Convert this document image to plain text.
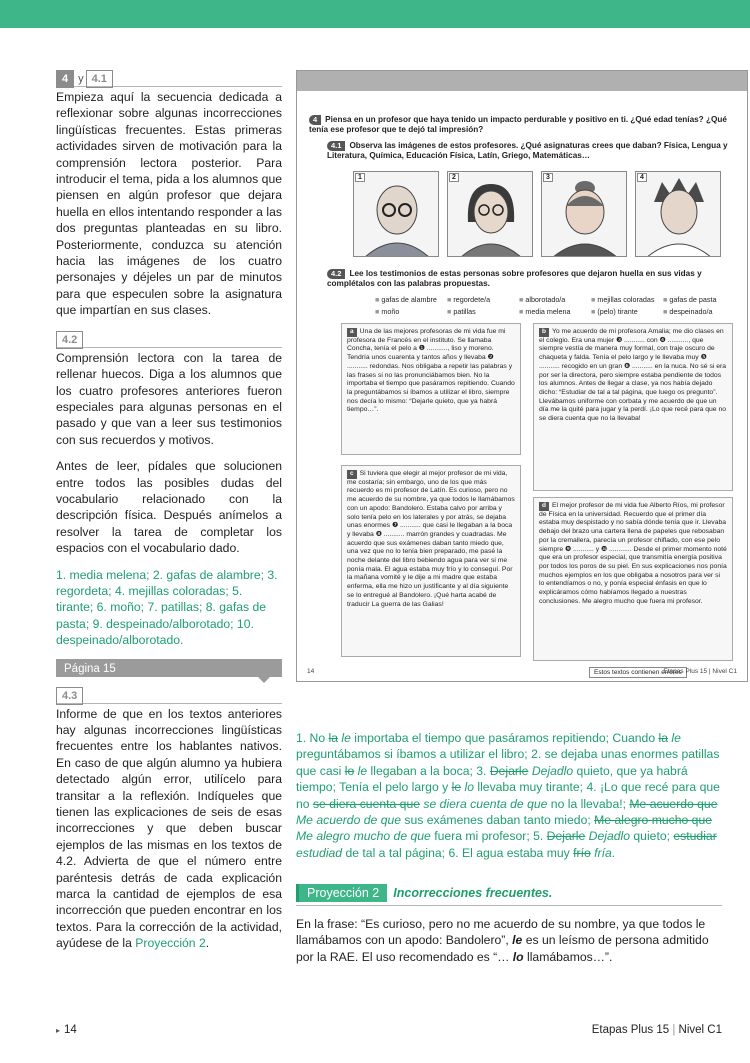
4 y 4.1

Empieza aquí la secuencia dedicada a reflexionar sobre algunas incorrecciones lingüísticas frecuentes. Estas primeras actividades sirven de motivación para la comprensión lectora posterior. Para introducir el tema, pida a los alumnos que piensen en algún profesor que dejara huella en ellos intentando responder a las dos preguntas planteadas en su libro. Posteriormente, conduzca su atención hacia las imágenes de los cuatro personajes y déjeles un par de minutos para que especulen sobre la asignatura que impartían en sus clases.

4.2

Comprensión lectora con la tarea de rellenar huecos. Diga a los alumnos que los cuatro profesores anteriores fueron especiales para algunas personas en el pasado y que van a leer sus testimonios con sus recuerdos y motivos.

Antes de leer, pídales que solucionen entre todos las posibles dudas del vocabulario relacionado con la descripción física. Después anímelos a resolver la tarea de completar los espacios con el vocabulario dado.

1. media melena; 2. gafas de alambre; 3. regordeta; 4. mejillas coloradas; 5. tirante; 6. moño; 7. patillas; 8. gafas de pasta; 9. despeinado/alborotado; 10. despeinado/alborotado.

Página 15
4.3

Informe de que en los textos anteriores hay algunas incorrecciones lingüísticas frecuentes entre los hablantes nativos. En caso de que algún alumno ya hubiera detectado algún error, utilícelo para transitar a la reflexión. Indíqueles que tienen las explicaciones de seis de esas incorrecciones y que deben buscar ejemplos de las mismas en los textos de 4.2. Advierta de que el número entre paréntesis detrás de cada explicación marca la cantidad de ejemplos de esa incorrección que pueden encontrar en los textos. Para la corrección de la actividad, ayúdese de la Proyección 2.

4 Piensa en un profesor que haya tenido un impacto perdurable y positivo en ti. ¿Qué edad tenías? ¿Qué tenía ese profesor que te dejó tal impresión?
4.1 Observa las imágenes de estos profesores. ¿Qué asignaturas crees que daban? Física, Lengua y Literatura, Química, Educación Física, Latín, Griego, Matemáticas…
1	2	3	4
4.2 Lee los testimonios de estas personas sobre profesores que dejaron huella en sus vidas y complétalos con las palabras propuestas.
■ gafas de alambre	■ regordete/a	■ alborotado/a	■ mejillas coloradas	■ gafas de pasta
■ moño	■ patillas	■ media melena	■ (pelo) tirante	■ despeinado/a
a Una de las mejores profesoras de mi vida fue mi profesora de Francés en el instituto. Se llamaba Concha, tenía el pelo a ❶ ..........., liso y moreno. Tendría unos cuarenta y tantos años y llevaba ❷ ........... redondas. Nos obligaba a repetir las palabras y las frases si no las pronunciábamos bien. No la importaba el tiempo que pasáramos repitiendo. Cuando la preguntábamos si íbamos a utilizar el libro, siempre nos decía lo mismo: “Dejarle quieto, que ya habrá tiempo…”.
b Yo me acuerdo de mi profesora Amalia; me dio clases en el colegio. Era una mujer ❸ ........... con ❹ ..........., que siempre vestía de manera muy formal, con traje oscuro de chaqueta y falda. Tenía el pelo largo y le llevaba muy ❺ ........... recogido en un gran ❻ ........... en la nuca. No sé si era por ser la directora, pero siempre estaba pendiente de todos los alumnos. Antes de llegar a clase, ya nos había dejado dicho: “Estudiar de tal a tal página, que luego os pregunto”. Llevábamos uniforme con corbata y me acuerdo de que un día me la quité para jugar y la perdí. ¡Lo que recé para que no se diera cuenta que no la llevaba!
c Si tuviera que elegir al mejor profesor de mi vida, me costaría; sin embargo, uno de los que más recuerdo es mi profesor de Latín. Es curioso, pero no me acuerdo de su nombre, ya que todos le llamábamos con un apodo: Bandolero. Estaba calvo por arriba y solo tenía pelo en los laterales y por atrás, se dejaba unas enormes ❼ ........... que casi le llegaban a la boca y llevaba ❽ ........... marrón grandes y cuadradas. Me acuerdo que sus exámenes daban tanto miedo que, una vez que no lo tenía bien preparado, me pasé la noche delante del libro bebiendo agua para ver si me ponía mala. El agua estaba muy frío y lo conseguí. Por la mañana vomité y le dije a mi madre que estaba enferma, ella me hizo un justificante y al día siguiente se lo entregué al Bandolero. ¡Qué harta acabé de traducir La guerra de las Galias!
d El mejor profesor de mi vida fue Alberto Ríos, mi profesor de Física en la universidad. Recuerdo que el primer día estaba muy despistado y no sabía dónde tenía que ir. Llevaba debajo del brazo una cartera llena de papeles que rebosaban por la cremallera, parecía un profesor chiflado, con ese pelo siempre ❾ ........... y ❿ ............ Desde el primer momento noté que era un profesor especial, que transmitía energía positiva por todos los poros de su piel. En sus explicaciones nos ponía muchos ejemplos en los que obligaba a nosotros para ver si lo entendíamos o no, y ponía especial énfasis en que lo explicáramos cómo habíamos llegado a nuestras conclusiones. Me alegro mucho que fuera mi profesor.
Estos textos contienen errores
14	Etapas Plus 15 | Nivel C1
1. No la le importaba el tiempo que pasáramos repitiendo; Cuando la le preguntábamos si íbamos a utilizar el libro; 2. se dejaba unas enormes patillas que casi lo le llegaban a la boca; 3. Dejarle Dejadlo quieto, que ya habrá tiempo; Tenía el pelo largo y le lo llevaba muy tirante; 4. ¡Lo que recé para que no se diera cuenta que se diera cuenta de que no la llevaba!; Me acuerdo que Me acuerdo de que sus exámenes daban tanto miedo; Me alegro mucho que Me alegro mucho de que fuera mi profesor; 5. Dejarle Dejadlo quieto; estudiar estudiad de tal a tal página; 6. El agua estaba muy frío fría.
Proyección 2 Incorrecciones frecuentes.

En la frase: “Es curioso, pero no me acuerdo de su nombre, ya que todos le llamábamos con un apodo: Bandolero”, le es un leísmo de persona admitido por la RAE. El uso recomendado es “… lo llamábamos…”.

▸ 14	Etapas Plus 15 | Nivel C1
